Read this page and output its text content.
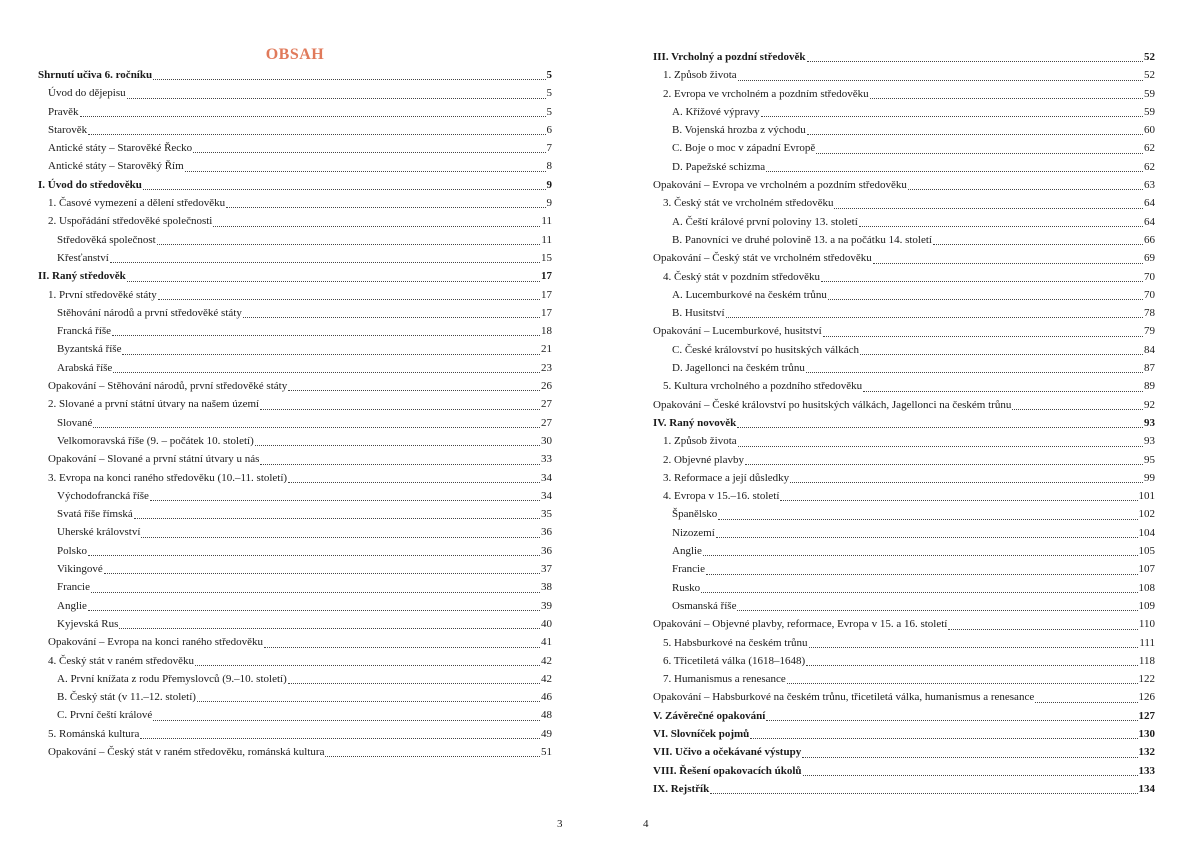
OBSAH
Shrnutí učiva 6. ročníku	5
Úvod do dějepisu	5
Pravěk	5
Starověk	6
Antické státy – Starověké Řecko	7
Antické státy – Starověký Řím	8
I. Úvod do středověku	9
1. Časové vymezení a dělení středověku	9
2. Uspořádání středověké společnosti	11
Středověká společnost	11
Křesťanství	15
II. Raný středověk	17
1. První středověké státy	17
Stěhování národů a první středověké státy	17
Francká říše	18
Byzantská říše	21
Arabská říše	23
Opakování – Stěhování národů, první středověké státy	26
2. Slované a první státní útvary na našem území	27
Slované	27
Velkomoravská říše (9. – počátek 10. století)	30
Opakování – Slované a první státní útvary u nás	33
3. Evropa na konci raného středověku (10.–11. století)	34
Východofrancká říše	34
Svatá říše římská	35
Uherské království	36
Polsko	36
Vikingové	37
Francie	38
Anglie	39
Kyjevská Rus	40
Opakování – Evropa na konci raného středověku	41
4. Český stát v raném středověku	42
A. První knížata z rodu Přemyslovců (9.–10. století)	42
B. Český stát (v 11.–12. století)	46
C. První čeští králové	48
5. Románská kultura	49
Opakování – Český stát v raném středověku, románská kultura	51
3
III. Vrcholný a pozdní středověk	52
1. Způsob života	52
2. Evropa ve vrcholném a pozdním středověku	59
A. Křížové výpravy	59
B. Vojenská hrozba z východu	60
C. Boje o moc v západní Evropě	62
D. Papežské schizma	62
Opakování – Evropa ve vrcholném a pozdním středověku	63
3. Český stát ve vrcholném středověku	64
A. Čeští králové první poloviny 13. století	64
B. Panovníci ve druhé polovině 13. a na počátku 14. století	66
Opakování – Český stát ve vrcholném středověku	69
4. Český stát v pozdním středověku	70
A. Lucemburkové na českém trůnu	70
B. Husitství	78
Opakování – Lucemburkové, husitství	79
C. České království po husitských válkách	84
D. Jagellonci na českém trůnu	87
5. Kultura vrcholného a pozdního středověku	89
Opakování – České království po husitských válkách, Jagellonci na českém trůnu	92
IV. Raný novověk	93
1. Způsob života	93
2. Objevné plavby	95
3. Reformace a její důsledky	99
4. Evropa v 15.–16. století	101
Španělsko	102
Nizozemí	104
Anglie	105
Francie	107
Rusko	108
Osmanská říše	109
Opakování – Objevné plavby, reformace, Evropa v 15. a 16. století	110
5. Habsburkové na českém trůnu	111
6. Třicetiletá válka (1618–1648)	118
7. Humanismus a renesance	122
Opakování – Habsburkové na českém trůnu, třicetiletá válka, humanismus a renesance	126
V. Závěrečné opakování	127
VI. Slovníček pojmů	130
VII. Učivo a očekávané výstupy	132
VIII. Řešení opakovacích úkolů	133
IX. Rejstřík	134
4
